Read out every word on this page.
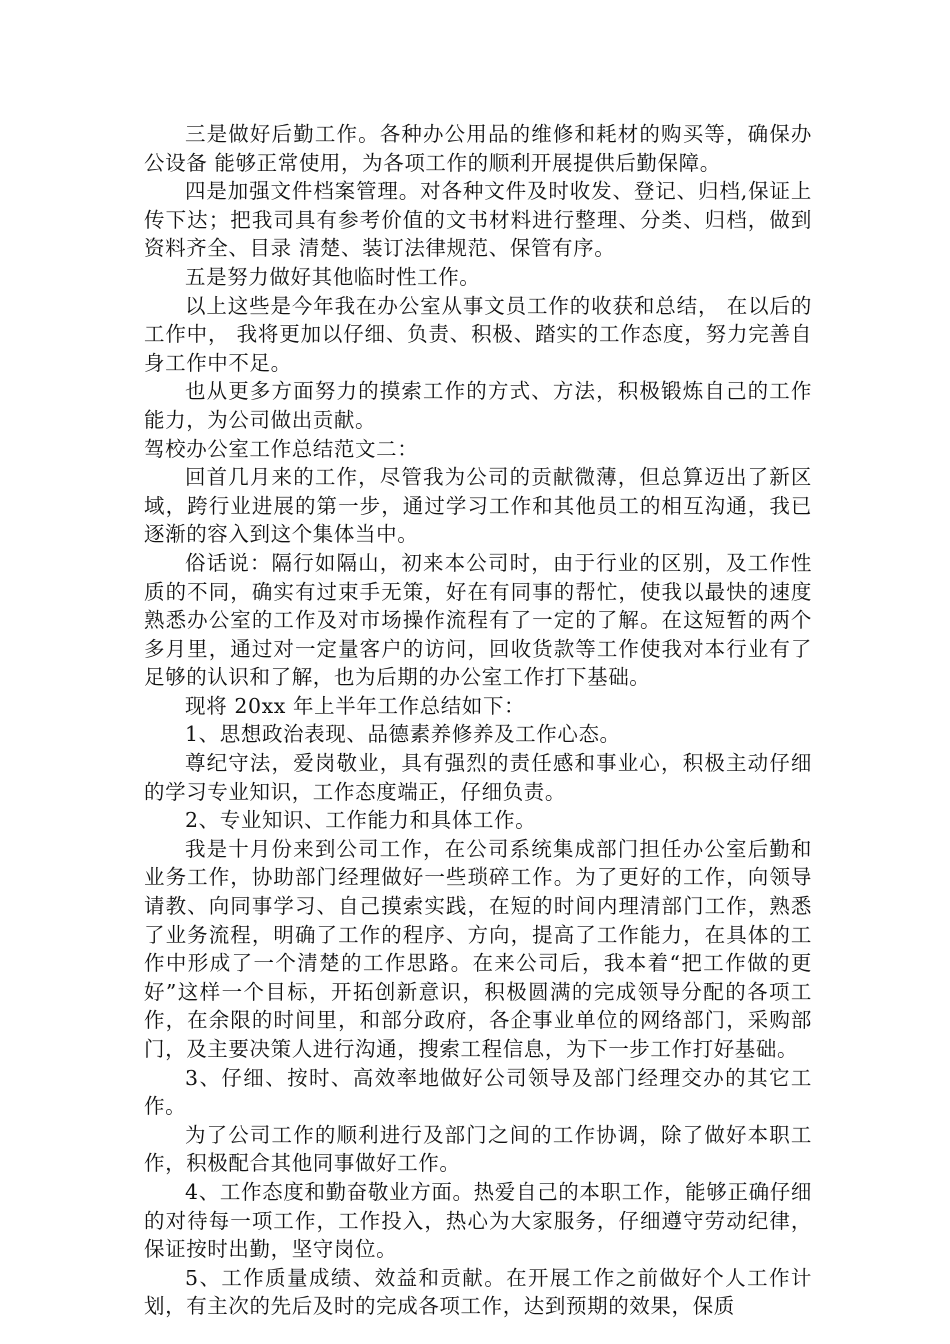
三是做好后勤工作。各种办公用品的维修和耗材的购买等，确保办公设备 能够正常使用，为各项工作的顺利开展提供后勤保障。

四是加强文件档案管理。对各种文件及时收发、登记、归档,保证上传下达；把我司具有参考价值的文书材料进行整理、分类、归档，做到资料齐全、目录 清楚、装订法律规范、保管有序。

五是努力做好其他临时性工作。

以上这些是今年我在办公室从事文员工作的收获和总结， 在以后的工作中， 我将更加以仔细、负责、积极、踏实的工作态度，努力完善自身工作中不足。

也从更多方面努力的摸索工作的方式、方法，积极锻炼自己的工作能力，为公司做出贡献。

驾校办公室工作总结范文二：

回首几月来的工作，尽管我为公司的贡献微薄，但总算迈出了新区域，跨行业进展的第一步，通过学习工作和其他员工的相互沟通，我已逐渐的容入到这个集体当中。

俗话说：隔行如隔山，初来本公司时，由于行业的区别，及工作性质的不同，确实有过束手无策，好在有同事的帮忙，使我以最快的速度熟悉办公室的工作及对市场操作流程有了一定的了解。在这短暂的两个多月里，通过对一定量客户的访问，回收货款等工作使我对本行业有了足够的认识和了解，也为后期的办公室工作打下基础。

现将 20xx 年上半年工作总结如下：

1、思想政治表现、品德素养修养及工作心态。

尊纪守法，爱岗敬业，具有强烈的责任感和事业心，积极主动仔细的学习专业知识，工作态度端正，仔细负责。

2、专业知识、工作能力和具体工作。

我是十月份来到公司工作，在公司系统集成部门担任办公室后勤和业务工作，协助部门经理做好一些琐碎工作。为了更好的工作，向领导请教、向同事学习、自己摸索实践，在短的时间内理清部门工作，熟悉了业务流程，明确了工作的程序、方向，提高了工作能力，在具体的工作中形成了一个清楚的工作思路。在来公司后，我本着“把工作做的更好”这样一个目标，开拓创新意识，积极圆满的完成领导分配的各项工作，在余限的时间里，和部分政府，各企事业单位的网络部门，采购部门，及主要决策人进行沟通，搜索工程信息，为下一步工作打好基础。

3、仔细、按时、高效率地做好公司领导及部门经理交办的其它工作。

为了公司工作的顺利进行及部门之间的工作协调，除了做好本职工作，积极配合其他同事做好工作。

4、工作态度和勤奋敬业方面。热爱自己的本职工作，能够正确仔细的对待每一项工作，工作投入，热心为大家服务，仔细遵守劳动纪律，保证按时出勤，坚守岗位。

5、工作质量成绩、效益和贡献。在开展工作之前做好个人工作计划，有主次的先后及时的完成各项工作，达到预期的效果，保质
